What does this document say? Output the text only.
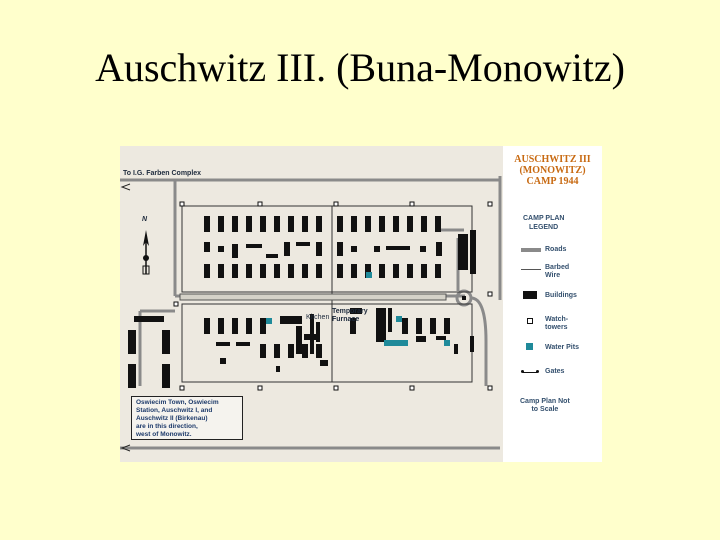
Auschwitz III. (Buna-Monowitz)
To I.G. Farben Complex
N
Kitchen
Temporary
Furnace
Oswiecim Town, Oswiecim
Station, Auschwitz I, and
Auschwitz II (Birkenau)
are in this direction,
west of Monowitz.
AUSCHWITZ III
(MONOWITZ)
CAMP 1944
CAMP PLAN
LEGEND
Roads
Barbed
Wire
Buildings
Watch-
towers
Water Pits
Gates
Camp Plan Not
to Scale
